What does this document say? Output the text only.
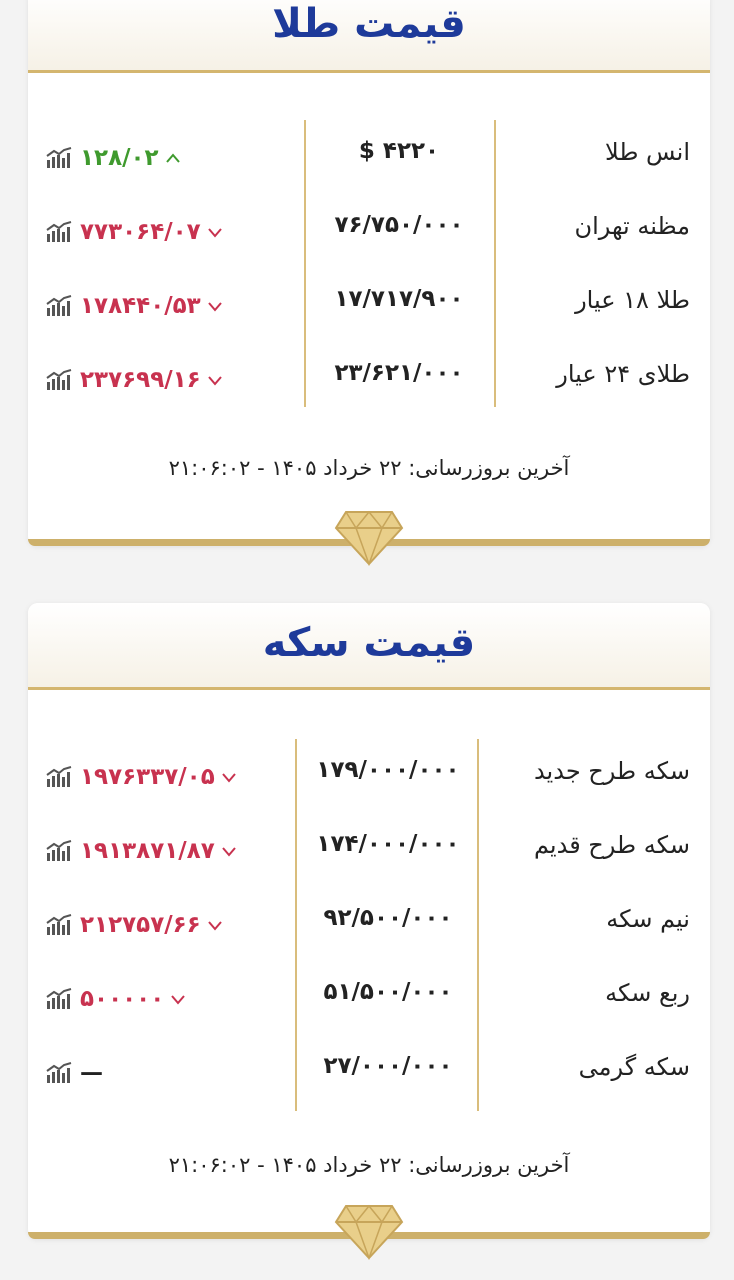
قیمت طلا
انس طلا
$ ۴۲۲۰
۱۲۸/۰۲
مظنه تهران
۷۶/۷۵۰/۰۰۰
۷۷۳۰۶۴/۰۷
طلا ۱۸ عیار
۱۷/۷۱۷/۹۰۰
۱۷۸۴۴۰/۵۳
طلای ۲۴ عیار
۲۳/۶۲۱/۰۰۰
۲۳۷۶۹۹/۱۶
آخرین بروزرسانی: ۲۲ خرداد ۱۴۰۵ - ۲۱:۰۶:۰۲
قیمت سکه
سکه طرح جدید
۱۷۹/۰۰۰/۰۰۰
۱۹۷۶۳۳۷/۰۵
سکه طرح قدیم
۱۷۴/۰۰۰/۰۰۰
۱۹۱۳۸۷۱/۸۷
نیم سکه
۹۲/۵۰۰/۰۰۰
۲۱۲۷۵۷/۶۶
ربع سکه
۵۱/۵۰۰/۰۰۰
۵۰۰۰۰۰
سکه گرمی
۲۷/۰۰۰/۰۰۰
—
آخرین بروزرسانی: ۲۲ خرداد ۱۴۰۵ - ۲۱:۰۶:۰۲
